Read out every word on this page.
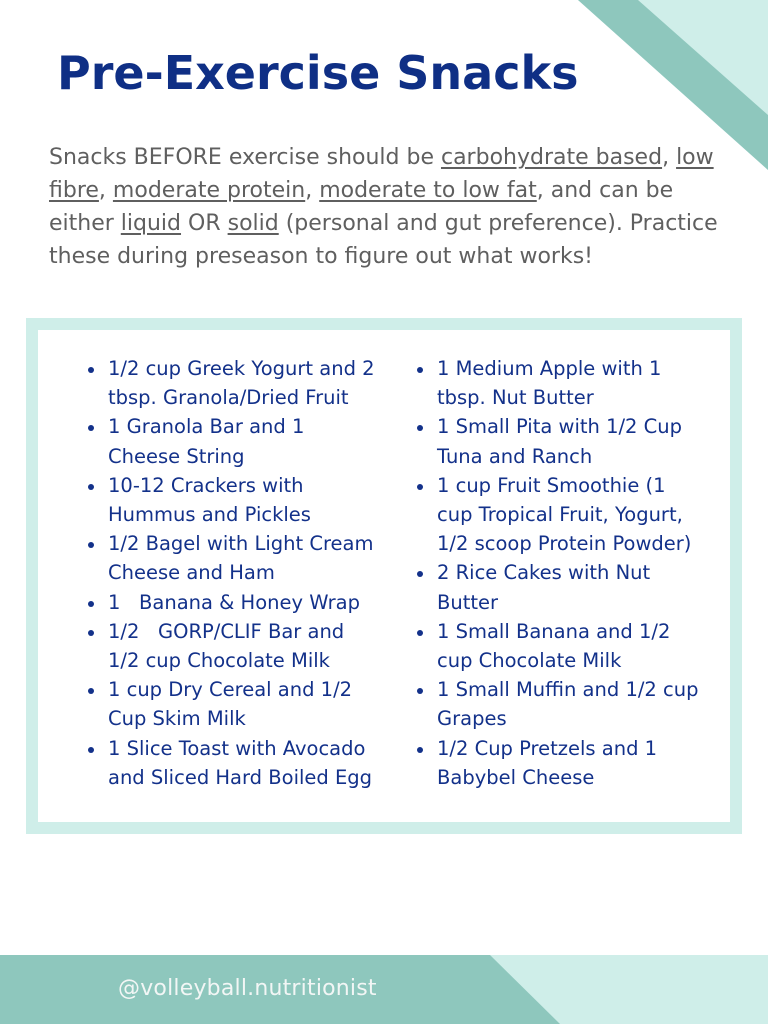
Pre-Exercise Snacks

Snacks BEFORE exercise should be carbohydrate based, low fibre, moderate protein, moderate to low fat, and can be either liquid OR solid (personal and gut preference). Practice these during preseason to figure out what works!

1/2 cup Greek Yogurt and 2 tbsp. Granola/Dried Fruit
1 Granola Bar and 1 Cheese String
10-12 Crackers with Hummus and Pickles
1/2 Bagel with Light Cream Cheese and Ham
1   Banana & Honey Wrap
1/2   GORP/CLIF Bar and 1/2 cup Chocolate Milk
1 cup Dry Cereal and 1/2 Cup Skim Milk
1 Slice Toast with Avocado and Sliced Hard Boiled Egg
1 Medium Apple with 1 tbsp. Nut Butter
1 Small Pita with 1/2 Cup Tuna and Ranch
1 cup Fruit Smoothie (1 cup Tropical Fruit, Yogurt, 1/2 scoop Protein Powder)
2 Rice Cakes with Nut Butter
1 Small Banana and 1/2 cup Chocolate Milk
1 Small Muffin and 1/2 cup Grapes
1/2 Cup Pretzels and 1 Babybel Cheese

@volleyball.nutritionist
